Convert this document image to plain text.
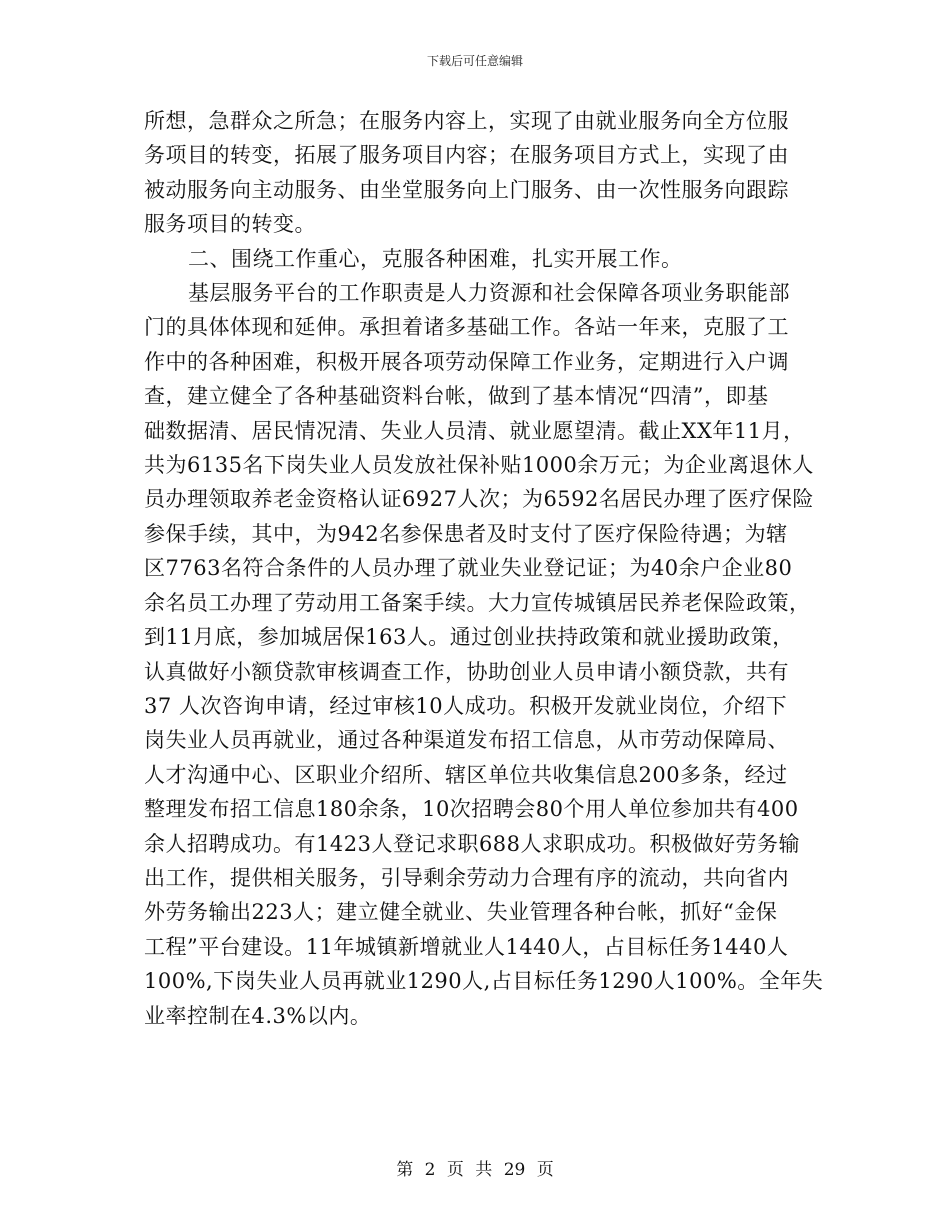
下载后可任意编辑

所想，急群众之所急；在服务内容上，实现了由就业服务向全方位服

务项目的转变，拓展了服务项目内容；在服务项目方式上，实现了由

被动服务向主动服务、由坐堂服务向上门服务、由一次性服务向跟踪

服务项目的转变。

二、围绕工作重心，克服各种困难，扎实开展工作。

基层服务平台的工作职责是人力资源和社会保障各项业务职能部

门的具体体现和延伸。承担着诸多基础工作。各站一年来，克服了工

作中的各种困难，积极开展各项劳动保障工作业务，定期进行入户调

查，建立健全了各种基础资料台帐，做到了基本情况“四清”，即基

础数据清、居民情况清、失业人员清、就业愿望清。截止XX年11月，

共为6135名下岗失业人员发放社保补贴1000余万元；为企业离退休人

员办理领取养老金资格认证6927人次；为6592名居民办理了医疗保险

参保手续，其中，为942名参保患者及时支付了医疗保险待遇；为辖

区7763名符合条件的人员办理了就业失业登记证；为40余户企业80

余名员工办理了劳动用工备案手续。大力宣传城镇居民养老保险政策，

到11月底，参加城居保163人。通过创业扶持政策和就业援助政策，

认真做好小额贷款审核调查工作，协助创业人员申请小额贷款，共有

37 人次咨询申请，经过审核10人成功。积极开发就业岗位，介绍下

岗失业人员再就业，通过各种渠道发布招工信息，从市劳动保障局、

人才沟通中心、区职业介绍所、辖区单位共收集信息200多条，经过

整理发布招工信息180余条，10次招聘会80个用人单位参加共有400

余人招聘成功。有1423人登记求职688人求职成功。积极做好劳务输

出工作，提供相关服务，引导剩余劳动力合理有序的流动，共向省内

外劳务输出223人；建立健全就业、失业管理各种台帐，抓好“金保

工程”平台建设。11年城镇新增就业人1440人，占目标任务1440人

100%,下岗失业人员再就业1290人,占目标任务1290人100%。全年失

业率控制在4.3%以内。

第 2 页 共 29 页
